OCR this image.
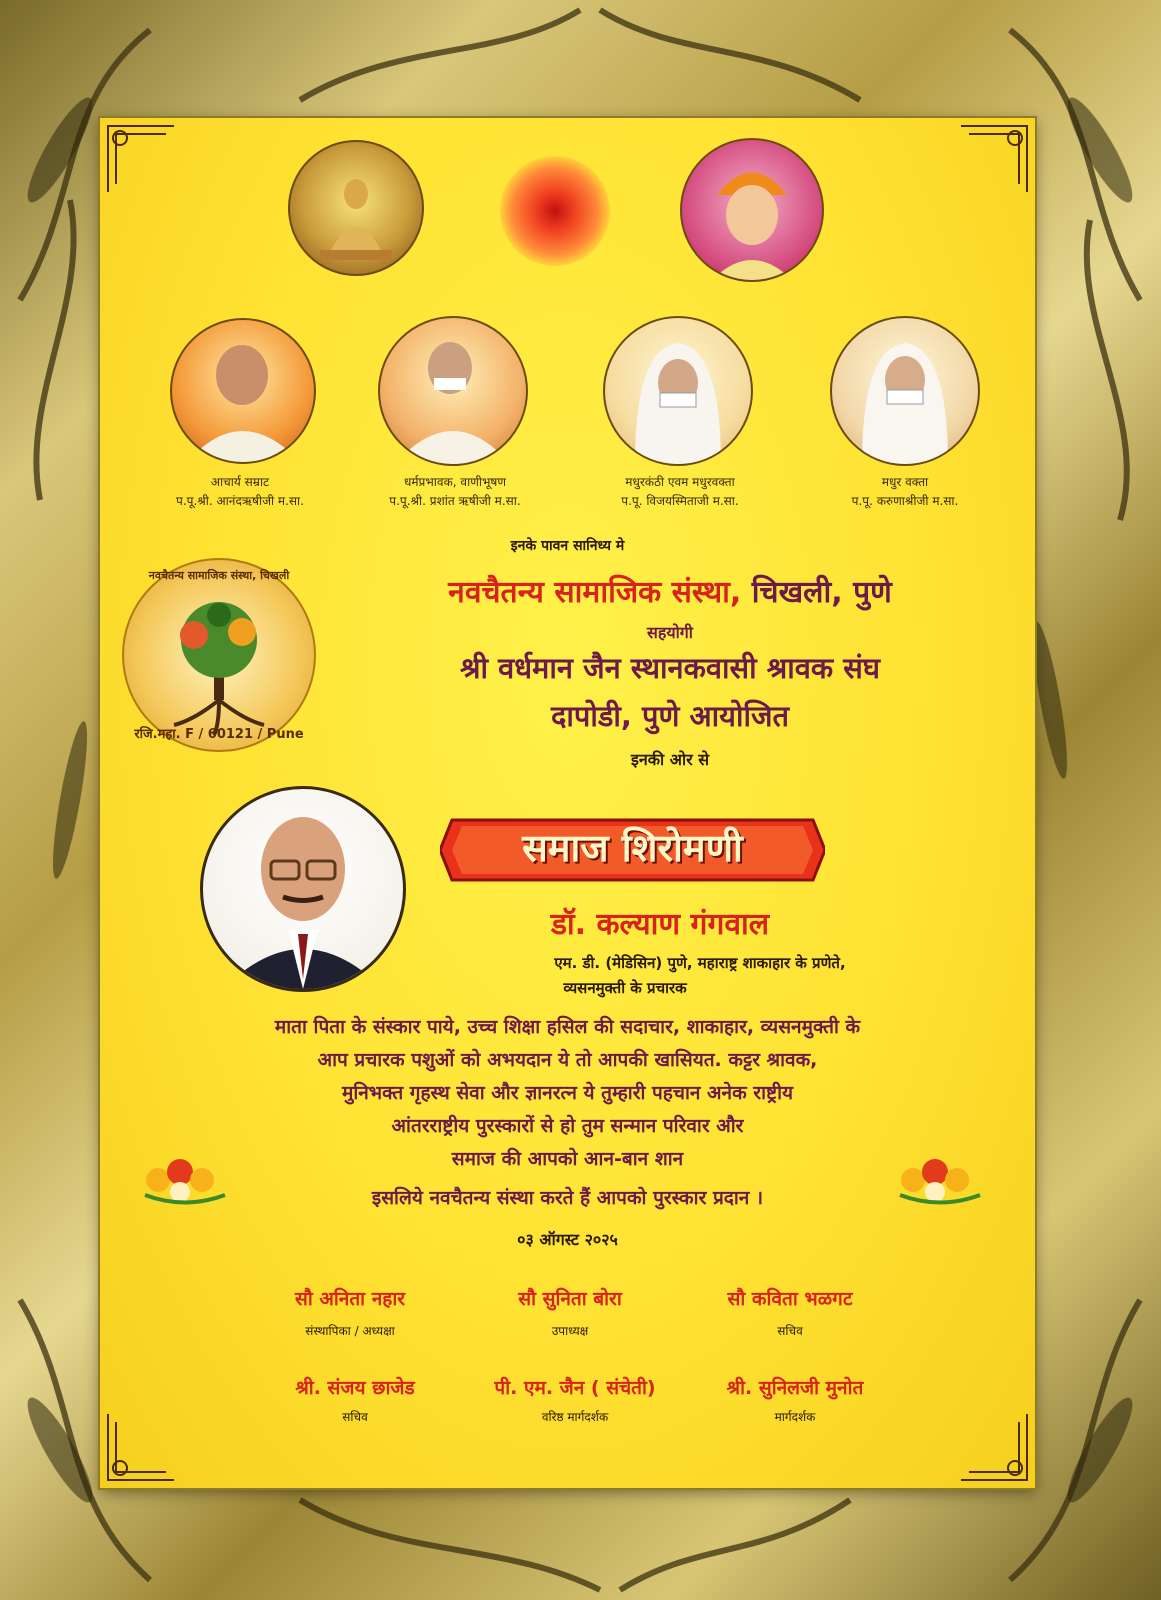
आचार्य सम्राट
प.पू.श्री. आनंदऋषीजी म.सा.
धर्मप्रभावक, वाणीभूषण
प.पू.श्री. प्रशांत ऋषीजी म.सा.
मधुरकंठी एवम मधुरवक्ता
प.पू. विजयस्मिताजी म.सा.
मधुर वक्ता
प.पू. करुणाश्रीजी म.सा.
इनके पावन सानिध्य मे
नवचैतन्य सामाजिक संस्था, चिखली
रजि.महा. F / 60121 / Pune
नवचैतन्य सामाजिक संस्था, चिखली, पुणे
सहयोगी
श्री वर्धमान जैन स्थानकवासी श्रावक संघ
दापोडी, पुणे आयोजित
इनकी ओर से
समाज शिरोमणी
डॉ. कल्याण गंगवाल
एम. डी. (मेडिसिन) पुणे, महाराष्ट्र शाकाहार के प्रणेते,
व्यसनमुक्ती के प्रचारक
माता पिता के संस्कार पाये, उच्च शिक्षा हसिल की सदाचार, शाकाहार, व्यसनमुक्ती के
आप प्रचारक पशुओं को अभयदान ये तो आपकी खासियत. कट्टर श्रावक,
मुनिभक्त गृहस्थ सेवा और ज्ञानरत्न ये तुम्हारी पहचान अनेक राष्ट्रीय
आंतरराष्ट्रीय पुरस्कारों से हो तुम सन्मान परिवार और
समाज की आपको आन-बान शान
इसलिये नवचैतन्य संस्था करते हैं आपको पुरस्कार प्रदान ।
०३ ऑगस्ट २०२५
सौ अनिता नहार
संस्थापिका / अध्यक्षा
सौ सुनिता बोरा
उपाध्यक्ष
सौ कविता भळगट
सचिव
श्री. संजय छाजेड
सचिव
पी. एम. जैन ( संचेती)
वरिष्ठ मार्गदर्शक
श्री. सुनिलजी मुनोत
मार्गदर्शक
